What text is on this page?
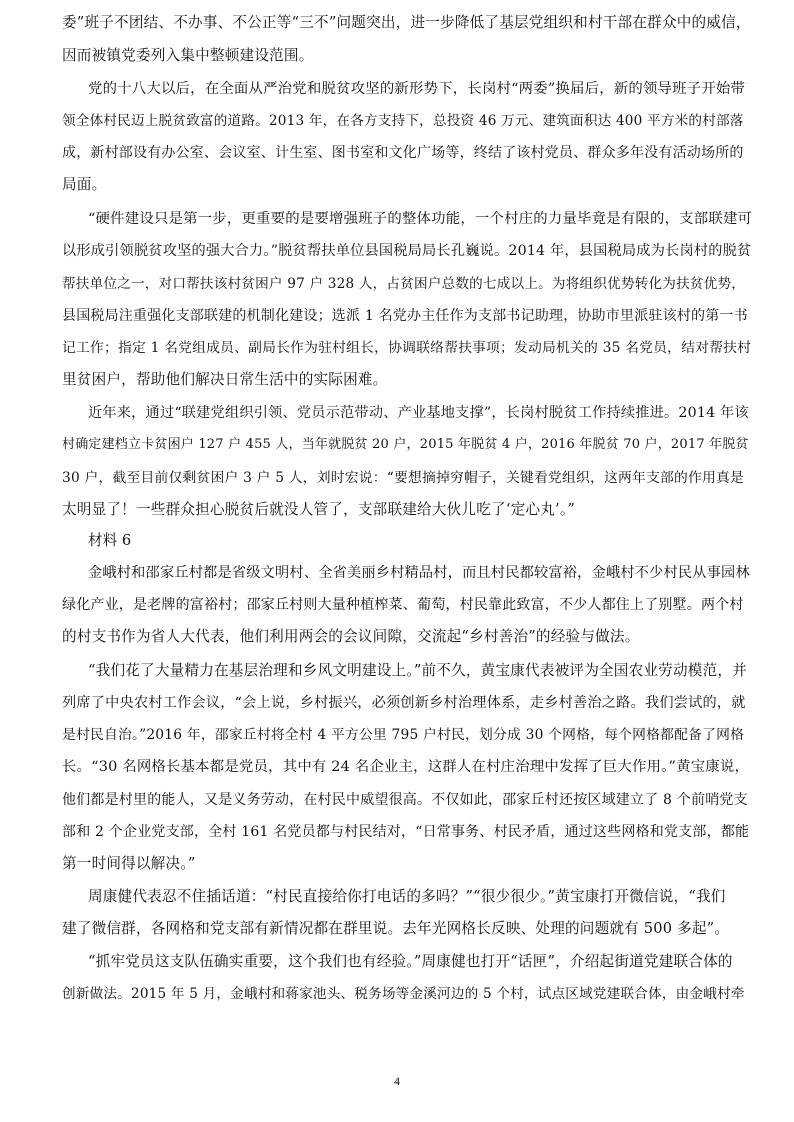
委”班子不团结、不办事、不公正等“三不”问题突出，进一步降低了基层党组织和村干部在群众中的威信，
因而被镇党委列入集中整顿建设范围。
党的十八大以后，在全面从严治党和脱贫攻坚的新形势下，长岗村“两委”换届后，新的领导班子开始带
领全体村民迈上脱贫致富的道路。2013 年，在各方支持下，总投资 46 万元、建筑面积达 400 平方米的村部落
成，新村部设有办公室、会议室、计生室、图书室和文化广场等，终结了该村党员、群众多年没有活动场所的
局面。
“硬件建设只是第一步，更重要的是要增强班子的整体功能，一个村庄的力量毕竟是有限的，支部联建可
以形成引领脱贫攻坚的强大合力。”脱贫帮扶单位县国税局局长孔巍说。2014 年，县国税局成为长岗村的脱贫
帮扶单位之一，对口帮扶该村贫困户 97 户 328 人，占贫困户总数的七成以上。为将组织优势转化为扶贫优势，
县国税局注重强化支部联建的机制化建设；选派 1 名党办主任作为支部书记助理，协助市里派驻该村的第一书
记工作；指定 1 名党组成员、副局长作为驻村组长，协调联络帮扶事项；发动局机关的 35 名党员，结对帮扶村
里贫困户，帮助他们解决日常生活中的实际困难。
近年来，通过“联建党组织引领、党员示范带动、产业基地支撑”，长岗村脱贫工作持续推进。2014 年该
村确定建档立卡贫困户 127 户 455 人，当年就脱贫 20 户，2015 年脱贫 4 户，2016 年脱贫 70 户，2017 年脱贫
30 户，截至目前仅剩贫困户 3 户 5 人，刘时宏说：“要想摘掉穷帽子，关键看党组织，这两年支部的作用真是
太明显了！一些群众担心脱贫后就没人管了，支部联建给大伙儿吃了‘定心丸’。”
材料 6
金峨村和邵家丘村都是省级文明村、全省美丽乡村精品村，而且村民都较富裕，金峨村不少村民从事园林
绿化产业，是老牌的富裕村；邵家丘村则大量种植榨菜、葡萄，村民靠此致富，不少人都住上了别墅。两个村
的村支书作为省人大代表，他们利用两会的会议间隙，交流起“乡村善治”的经验与做法。
“我们花了大量精力在基层治理和乡风文明建设上。”前不久，黄宝康代表被评为全国农业劳动模范，并
列席了中央农村工作会议，“会上说，乡村振兴，必须创新乡村治理体系，走乡村善治之路。我们尝试的，就
是村民自治。”2016 年，邵家丘村将全村 4 平方公里 795 户村民，划分成 30 个网格，每个网格都配备了网格
长。“30 名网格长基本都是党员，其中有 24 名企业主，这群人在村庄治理中发挥了巨大作用。”黄宝康说，
他们都是村里的能人，又是义务劳动，在村民中威望很高。不仅如此，邵家丘村还按区域建立了 8 个前哨党支
部和 2 个企业党支部，全村 161 名党员都与村民结对，“日常事务、村民矛盾，通过这些网格和党支部，都能
第一时间得以解决。”
周康健代表忍不住插话道：“村民直接给你打电话的多吗？”“很少很少。”黄宝康打开微信说，“我们
建了微信群，各网格和党支部有新情况都在群里说。去年光网格长反映、处理的问题就有 500 多起”。
“抓牢党员这支队伍确实重要，这个我们也有经验。”周康健也打开“话匣”，介绍起街道党建联合体的
创新做法。2015 年 5 月，金峨村和蒋家池头、税务场等金溪河边的 5 个村，试点区域党建联合体，由金峨村牵
4
